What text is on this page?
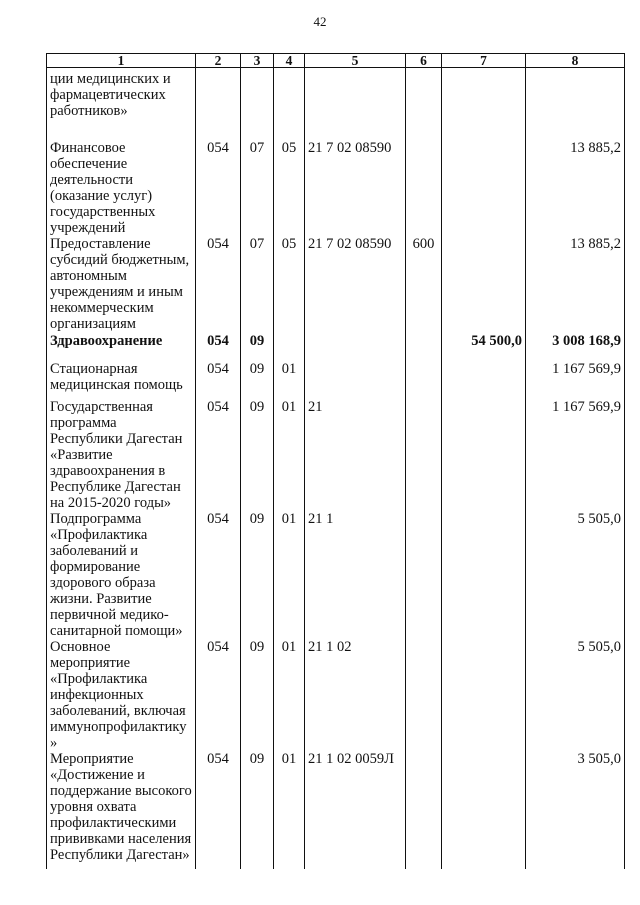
42
1	2	3	4	5	6	7	8
ции медицинских и фармацевтических работников»							
Финансовое обеспечение деятельности (оказание услуг) государственных учреждений	054	07	05	21 7 02 08590			13 885,2
Предоставление субсидий бюджетным, автономным учреждениям и иным некоммерческим организациям	054	07	05	21 7 02 08590	600		13 885,2
Здравоохранение	054	09				54 500,0	3 008 168,9
Стационарная медицинская помощь	054	09	01				1 167 569,9
Государственная программа Республики Дагестан «Развитие здравоохранения в Республике Дагестан на 2015-2020 годы»	054	09	01	21			1 167 569,9
Подпрограмма «Профилактика заболеваний и формирование здорового образа жизни. Развитие первичной медико-санитарной помощи»	054	09	01	21 1			5 505,0
Основное мероприятие «Профилактика инфекционных заболеваний, включая иммунопрофилактику»	054	09	01	21 1 02			5 505,0
Мероприятие «Достижение и поддержание высокого уровня охвата профилактическими прививками населения Республики Дагестан»	054	09	01	21 1 02 0059Л			3 505,0
